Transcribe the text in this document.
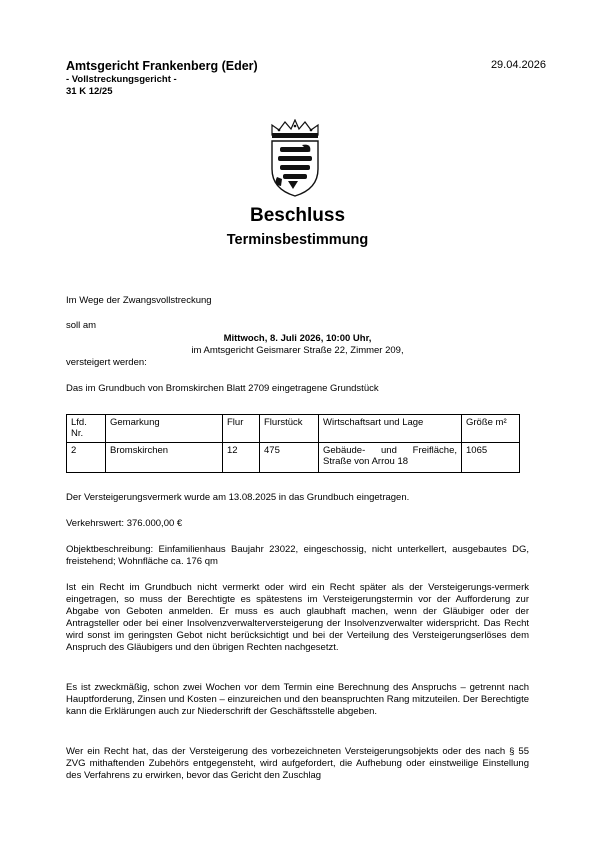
Amtsgericht Frankenberg (Eder)
- Vollstreckungsgericht -
31 K 12/25
29.04.2026
Beschluss
Terminsbestimmung
Im Wege der Zwangsvollstreckung
soll am
Mittwoch, 8. Juli 2026, 10:00 Uhr,
im Amtsgericht Geismarer Straße 22, Zimmer 209,
versteigert werden:
Das im Grundbuch von Bromskirchen Blatt 2709 eingetragene Grundstück
Lfd. Nr.	Gemarkung	Flur	Flurstück	Wirtschaftsart und Lage	Größe m²
2	Bromskirchen	12	475	Gebäude- und Freifläche, Straße von Arrou 18	1065
Der Versteigerungsvermerk wurde am 13.08.2025 in das Grundbuch eingetragen.
Verkehrswert: 376.000,00 €
Objektbeschreibung: Einfamilienhaus Baujahr 23022, eingeschossig, nicht unterkellert, ausgebautes DG, freistehend; Wohnfläche ca. 176 qm
Ist ein Recht im Grundbuch nicht vermerkt oder wird ein Recht später als der Versteigerungs-vermerk eingetragen, so muss der Berechtigte es spätestens im Versteigerungstermin vor der Aufforderung zur Abgabe von Geboten anmelden. Er muss es auch glaubhaft machen, wenn der Gläubiger oder der Antragsteller oder bei einer Insolvenzverwalterversteigerung der Insolvenzverwalter widerspricht. Das Recht wird sonst im geringsten Gebot nicht berücksichtigt und bei der Verteilung des Versteigerungserlöses dem Anspruch des Gläubigers und den übrigen Rechten nachgesetzt.
Es ist zweckmäßig, schon zwei Wochen vor dem Termin eine Berechnung des Anspruchs – getrennt nach Hauptforderung, Zinsen und Kosten – einzureichen und den beanspruchten Rang mitzuteilen. Der Berechtigte kann die Erklärungen auch zur Niederschrift der Geschäftsstelle abgeben.
Wer ein Recht hat, das der Versteigerung des vorbezeichneten Versteigerungsobjekts oder des nach § 55 ZVG mithaftenden Zubehörs entgegensteht, wird aufgefordert, die Aufhebung oder einstweilige Einstellung des Verfahrens zu erwirken, bevor das Gericht den Zuschlag
